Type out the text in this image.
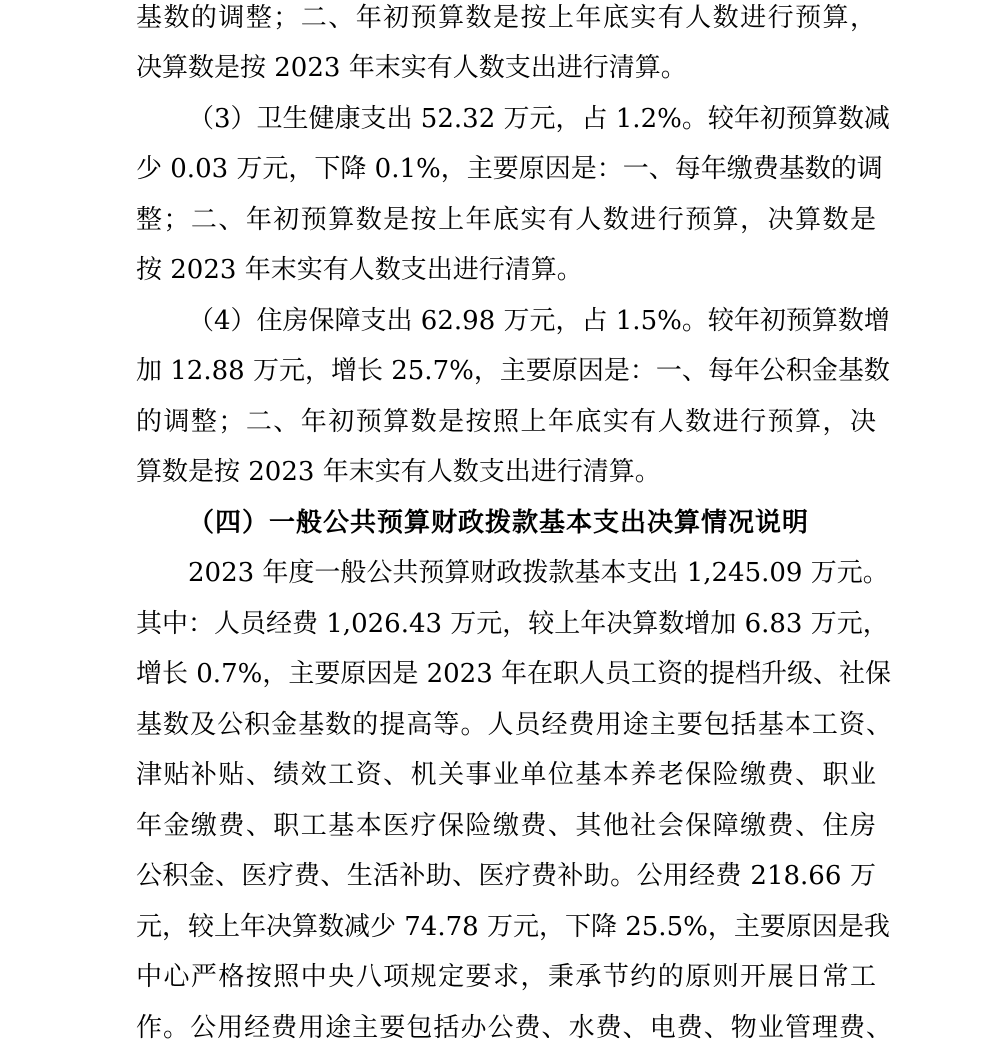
基数的调整；二、年初预算数是按上年底实有人数进行预算，
决算数是按 2023 年末实有人数支出进行清算。
（3）卫生健康支出 52.32 万元，占 1.2%。较年初预算数减
少 0.03 万元，下降 0.1%，主要原因是：一、每年缴费基数的调
整；二、年初预算数是按上年底实有人数进行预算，决算数是
按 2023 年末实有人数支出进行清算。
（4）住房保障支出 62.98 万元，占 1.5%。较年初预算数增
加 12.88 万元，增长 25.7%，主要原因是：一、每年公积金基数
的调整；二、年初预算数是按照上年底实有人数进行预算，决
算数是按 2023 年末实有人数支出进行清算。
（四）一般公共预算财政拨款基本支出决算情况说明
2023 年度一般公共预算财政拨款基本支出 1,245.09 万元。
其中：人员经费 1,026.43 万元，较上年决算数增加 6.83 万元，
增长 0.7%，主要原因是 2023 年在职人员工资的提档升级、社保
基数及公积金基数的提高等。人员经费用途主要包括基本工资、
津贴补贴、绩效工资、机关事业单位基本养老保险缴费、职业
年金缴费、职工基本医疗保险缴费、其他社会保障缴费、住房
公积金、医疗费、生活补助、医疗费补助。公用经费 218.66 万
元，较上年决算数减少 74.78 万元，下降 25.5%，主要原因是我
中心严格按照中央八项规定要求，秉承节约的原则开展日常工
作。公用经费用途主要包括办公费、水费、电费、物业管理费、
